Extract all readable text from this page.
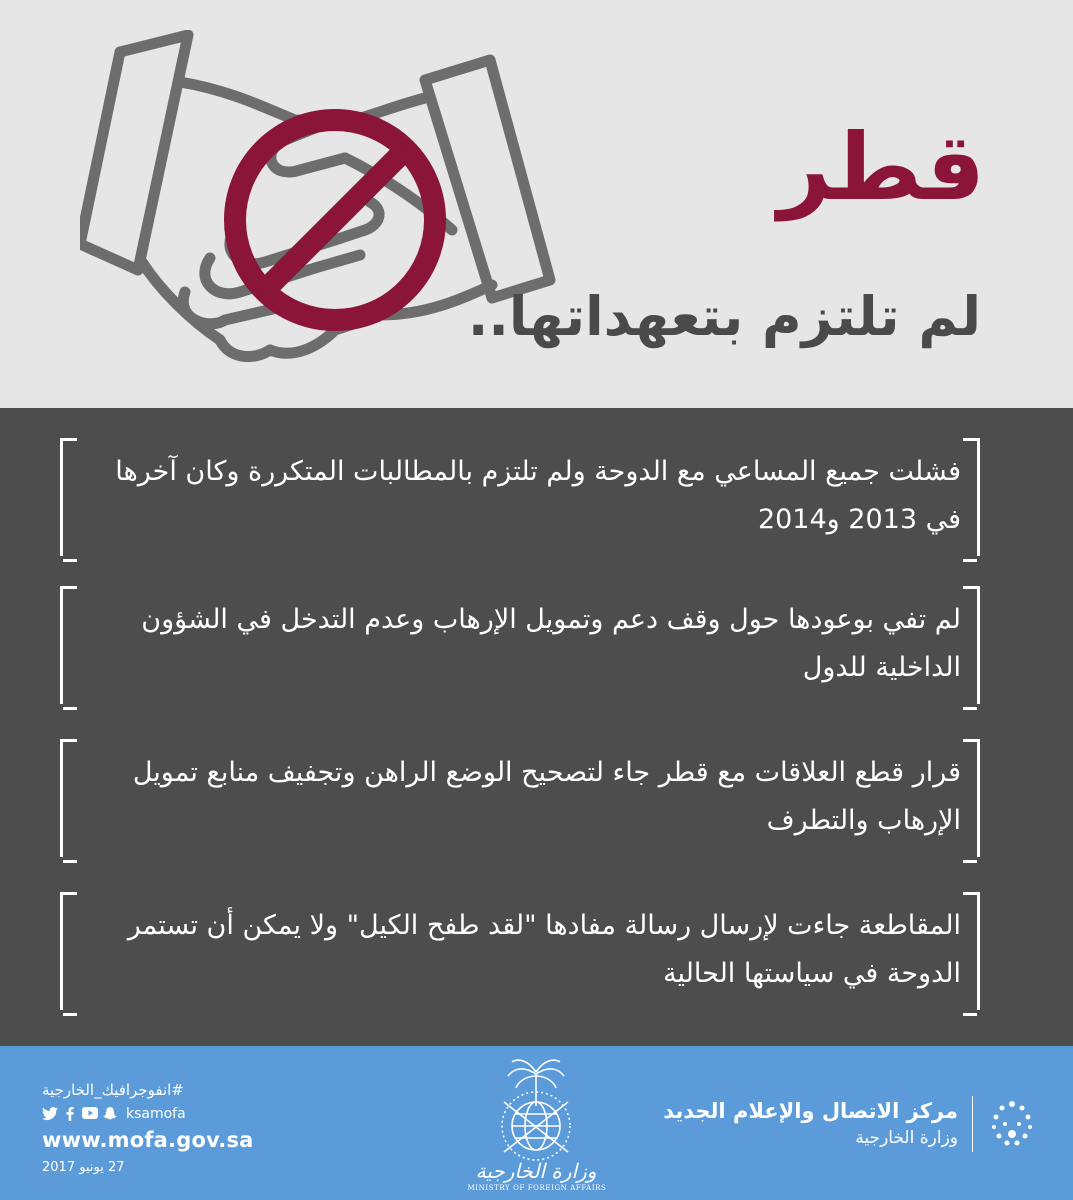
قطر
لم تلتزم بتعهداتها..
فشلت جميع المساعي مع الدوحة ولم تلتزم بالمطالبات المتكررة وكان آخرها في 2013 و2014
لم تفي بوعودها حول وقف دعم وتمويل الإرهاب وعدم التدخل في الشؤون الداخلية للدول
قرار قطع العلاقات مع قطر جاء لتصحيح الوضع الراهن وتجفيف منابع تمويل الإرهاب والتطرف
المقاطعة جاءت لإرسال رسالة مفادها "لقد طفح الكيل" ولا يمكن أن تستمر الدوحة في سياستها الحالية
#انفوجرافيك_الخارجية
ksamofa
www.mofa.gov.sa
27 يونيو 2017	وزارة الخارجية
MINISTRY OF FOREIGN AFFAIRS
مركز الاتصال والإعلام الجديد
وزارة الخارجية
